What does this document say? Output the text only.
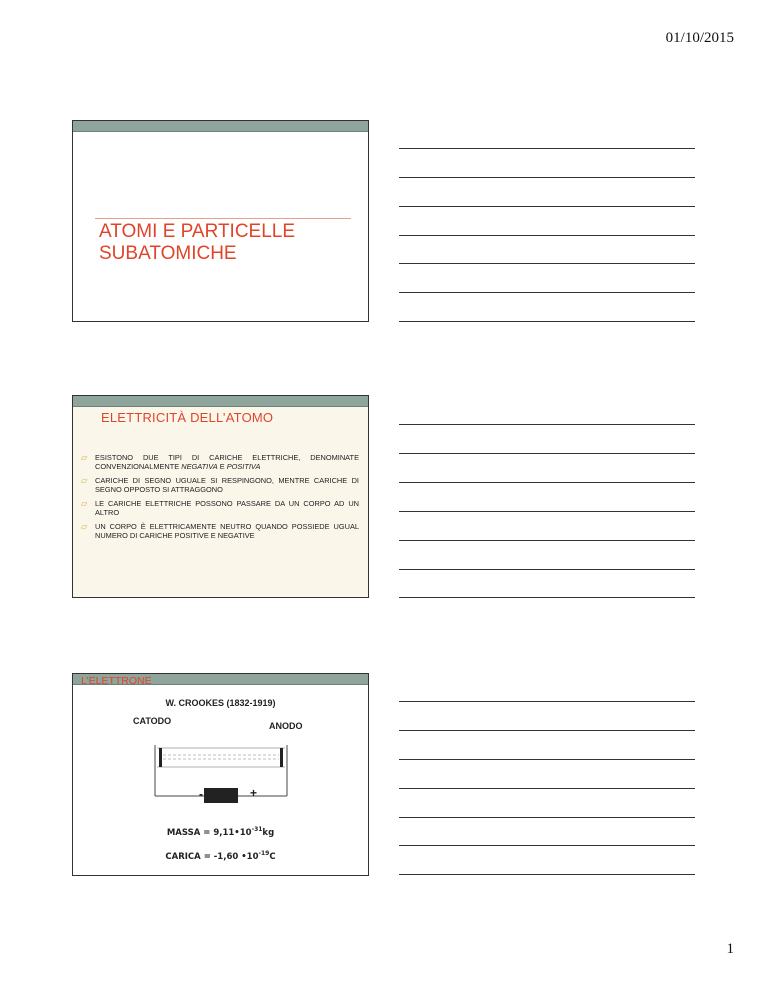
01/10/2015
ATOMI E PARTICELLE
SUBATOMICHE
ELETTRICITÀ DELL’ATOMO
▱	ESISTONO DUE TIPI DI CARICHE ELETTRICHE, DENOMINATE CONVENZIONALMENTE NEGATIVA E POSITIVA
▱	CARICHE DI SEGNO UGUALE SI RESPINGONO, MENTRE CARICHE DI SEGNO OPPOSTO SI ATTRAGGONO
▱	LE CARICHE ELETTRICHE POSSONO PASSARE DA UN CORPO AD UN ALTRO
▱	UN CORPO È ELETTRICAMENTE NEUTRO QUANDO POSSIEDE UGUAL NUMERO DI CARICHE POSITIVE E NEGATIVE
L’ELETTRONE
W. CROOKES (1832-1919)
CATODO	ANODO
-	+
MASSA = $9,11•10^{-31}kg$
CARICA = -1,60 $•10^{-19}C$
1
